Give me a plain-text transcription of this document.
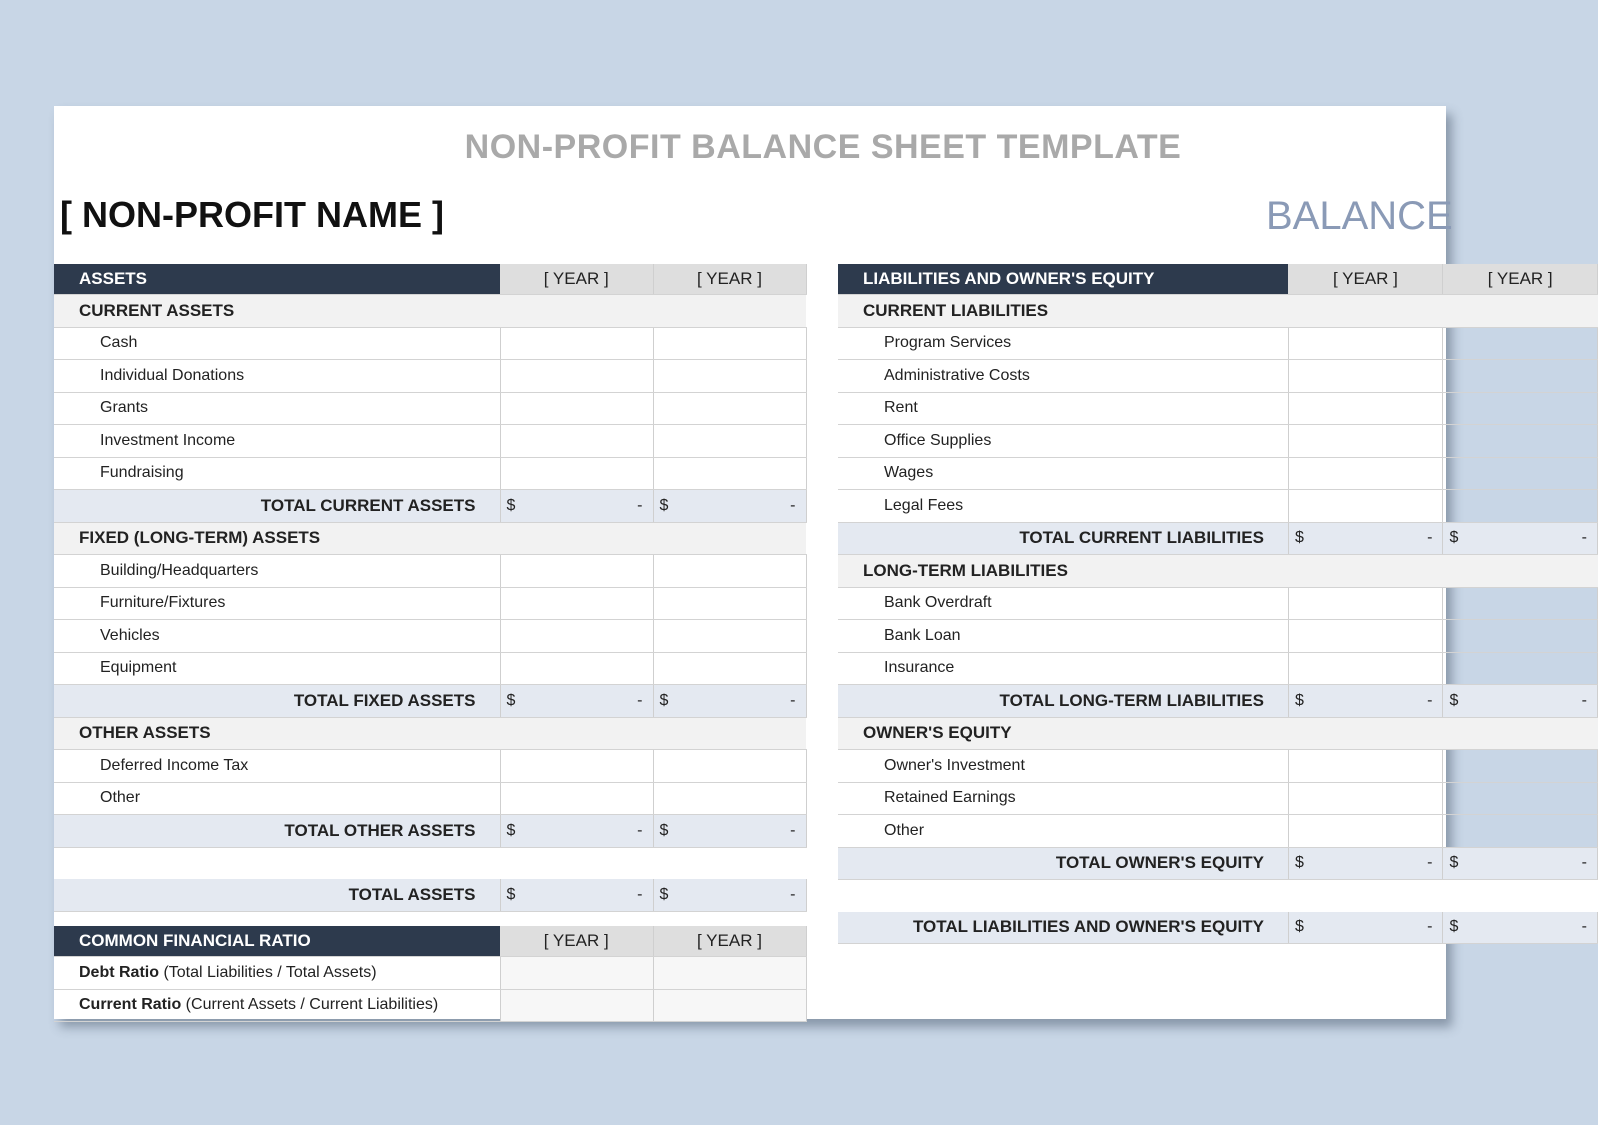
NON-PROFIT BALANCE SHEET TEMPLATE
[ NON-PROFIT NAME ]	BALANCE
ASSETS	[ YEAR ]	[ YEAR ]
CURRENT ASSETS		
Cash		
Individual Donations		
Grants		
Investment Income		
Fundraising		
TOTAL CURRENT ASSETS	$ -	$ -

FIXED (LONG-TERM) ASSETS		
Building/Headquarters		
Furniture/Fixtures		
Vehicles		
Equipment		
TOTAL FIXED ASSETS	$ -	$ -

OTHER ASSETS		
Deferred Income Tax		
Other		
TOTAL OTHER ASSETS	$ -	$ -

TOTAL ASSETS	$ -	$ -
LIABILITIES AND OWNER'S EQUITY	[ YEAR ]	[ YEAR ]
CURRENT LIABILITIES		
Program Services		
Administrative Costs		
Rent		
Office Supplies		
Wages		
Legal Fees		
TOTAL CURRENT LIABILITIES	$ -	$ -

LONG-TERM LIABILITIES		
Bank Overdraft		
Bank Loan		
Insurance		
TOTAL LONG-TERM LIABILITIES	$ -	$ -

OWNER'S EQUITY		
Owner's Investment		
Retained Earnings		
Other		
TOTAL OWNER'S EQUITY	$ -	$ -

TOTAL LIABILITIES AND OWNER'S EQUITY	$ -	$ -
COMMON FINANCIAL RATIO	[ YEAR ]	[ YEAR ]
Debt Ratio (Total Liabilities / Total Assets)		
Current Ratio (Current Assets / Current Liabilities)		
